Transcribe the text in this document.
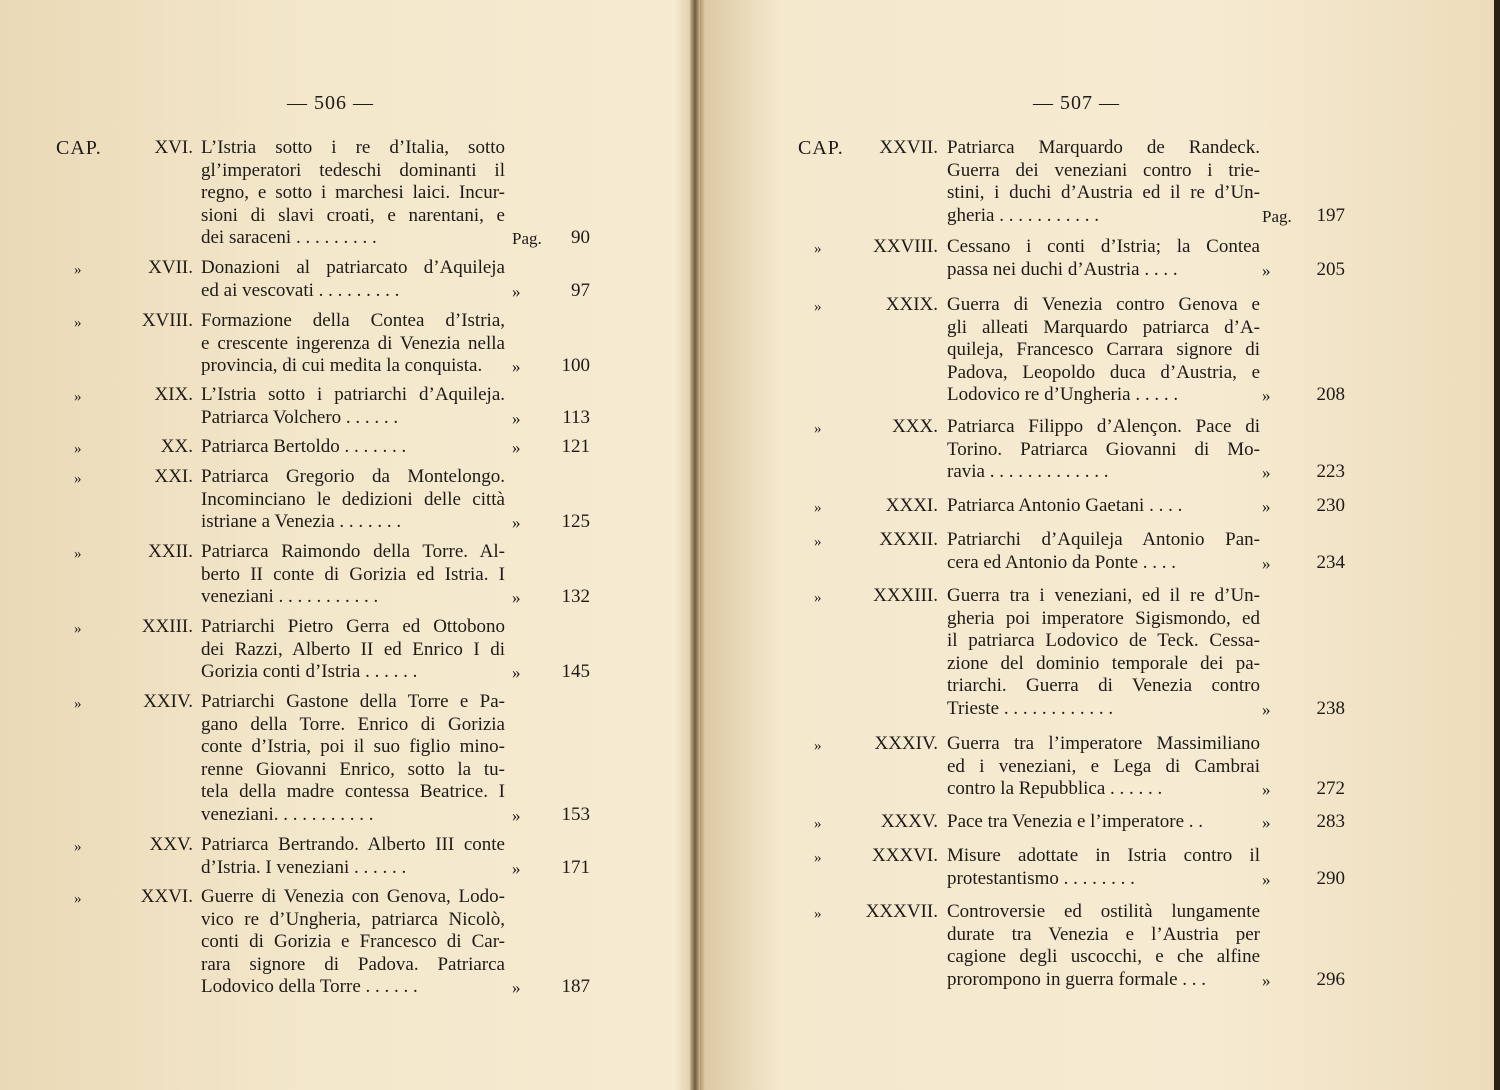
— 506 —
CAP.	XVI. L’Istria sotto i re d’Italia, sotto
gl’imperatori tedeschi dominanti il
regno, e sotto i marchesi laici. Incur-
sioni di slavi croati, e narentani, e
dei saraceni . . . . . . . . .	Pag.	90
»	XVII. Donazioni al patriarcato d’Aquileja
ed ai vescovati . . . . . . . . .	»	97
»	XVIII. Formazione della Contea d’Istria,
e crescente ingerenza di Venezia nella
provincia, di cui medita la conquista.	»	100
»	XIX. L’Istria sotto i patriarchi d’Aquileja.
Patriarca Volchero . . . . . .	»	113
»	XX. Patriarca Bertoldo . . . . . . .	»	121
»	XXI. Patriarca Gregorio da Montelongo.
Incominciano le dedizioni delle città
istriane a Venezia . . . . . . .	»	125
»	XXII. Patriarca Raimondo della Torre. Al-
berto II conte di Gorizia ed Istria. I
veneziani . . . . . . . . . . .	»	132
»	XXIII. Patriarchi Pietro Gerra ed Ottobono
dei Razzi, Alberto II ed Enrico I di
Gorizia conti d’Istria . . . . . .	»	145
»	XXIV. Patriarchi Gastone della Torre e Pa-
gano della Torre. Enrico di Gorizia
conte d’Istria, poi il suo figlio mino-
renne Giovanni Enrico, sotto la tu-
tela della madre contessa Beatrice. I
veneziani. . . . . . . . . . .	»	153
»	XXV. Patriarca Bertrando. Alberto III conte
d’Istria. I veneziani . . . . . .	»	171
»	XXVI. Guerre di Venezia con Genova, Lodo-
vico re d’Ungheria, patriarca Nicolò,
conti di Gorizia e Francesco di Car-
rara signore di Padova. Patriarca
Lodovico della Torre . . . . . .	»	187
— 507 —
CAP.	XXVII. Patriarca Marquardo de Randeck.
Guerra dei veneziani contro i trie-
stini, i duchi d’Austria ed il re d’Un-
gheria . . . . . . . . . . .	Pag.	197
»	XXVIII. Cessano i conti d’Istria; la Contea
passa nei duchi d’Austria . . . .	»	205
»	XXIX. Guerra di Venezia contro Genova e
gli alleati Marquardo patriarca d’A-
quileja, Francesco Carrara signore di
Padova, Leopoldo duca d’Austria, e
Lodovico re d’Ungheria . . . . .	»	208
»	XXX. Patriarca Filippo d’Alençon. Pace di
Torino. Patriarca Giovanni di Mo-
ravia . . . . . . . . . . . . .	»	223
»	XXXI. Patriarca Antonio Gaetani . . . .	»	230
»	XXXII. Patriarchi d’Aquileja Antonio Pan-
cera ed Antonio da Ponte . . . .	»	234
»	XXXIII. Guerra tra i veneziani, ed il re d’Un-
gheria poi imperatore Sigismondo, ed
il patriarca Lodovico de Teck. Cessa-
zione del dominio temporale dei pa-
triarchi. Guerra di Venezia contro
Trieste . . . . . . . . . . . .	»	238
»	XXXIV. Guerra tra l’imperatore Massimiliano
ed i veneziani, e Lega di Cambrai
contro la Repubblica . . . . . .	»	272
»	XXXV. Pace tra Venezia e l’imperatore . .	»	283
»	XXXVI. Misure adottate in Istria contro il
protestantismo . . . . . . . .	»	290
»	XXXVII. Controversie ed ostilità lungamente
durate tra Venezia e l’Austria per
cagione degli uscocchi, e che alfine
prorompono in guerra formale . . .	»	296
